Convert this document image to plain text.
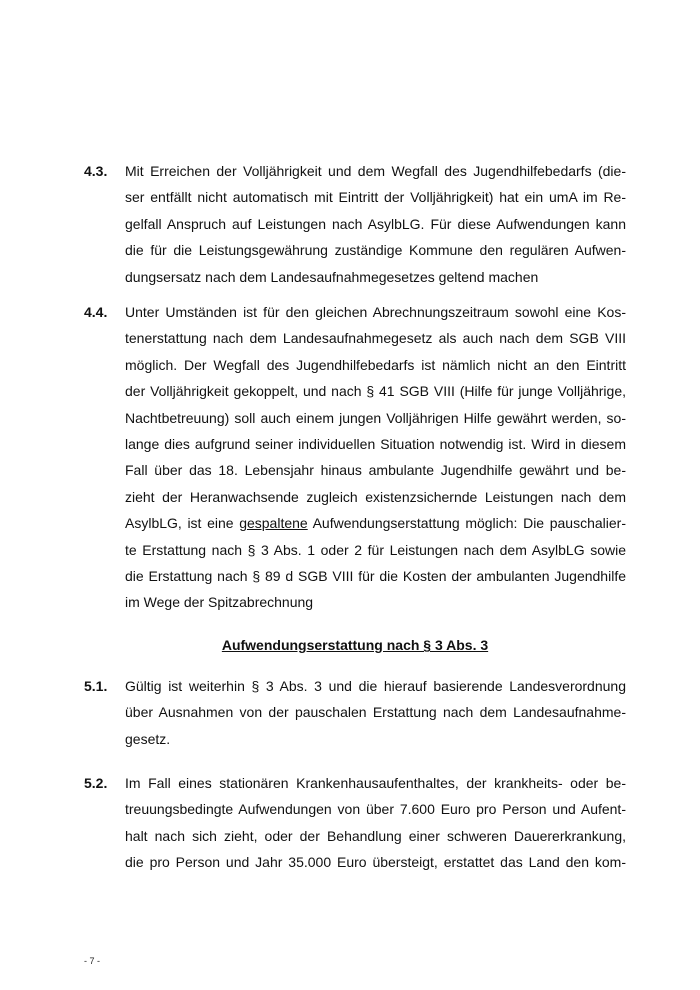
4.3. Mit Erreichen der Volljährigkeit und dem Wegfall des Jugendhilfebedarfs (die-
ser entfällt nicht automatisch mit Eintritt der Volljährigkeit) hat ein umA im Re-
gelfall Anspruch auf Leistungen nach AsylbLG. Für diese Aufwendungen kann
die für die Leistungsgewährung zuständige Kommune den regulären Aufwen-
dungsersatz nach dem Landesaufnahmegesetzes geltend machen
4.4. Unter Umständen ist für den gleichen Abrechnungszeitraum sowohl eine Kos-
tenerstattung nach dem Landesaufnahmegesetz als auch nach dem SGB VIII
möglich. Der Wegfall des Jugendhilfebedarfs ist nämlich nicht an den Eintritt
der Volljährigkeit gekoppelt, und nach § 41 SGB VIII (Hilfe für junge Volljährige,
Nachtbetreuung) soll auch einem jungen Volljährigen Hilfe gewährt werden, so-
lange dies aufgrund seiner individuellen Situation notwendig ist. Wird in diesem
Fall über das 18. Lebensjahr hinaus ambulante Jugendhilfe gewährt und be-
zieht der Heranwachsende zugleich existenzsichernde Leistungen nach dem
AsylbLG, ist eine gespaltene Aufwendungserstattung möglich: Die pauschalier-
te Erstattung nach § 3 Abs. 1 oder 2 für Leistungen nach dem AsylbLG sowie
die Erstattung nach § 89 d SGB VIII für die Kosten der ambulanten Jugendhilfe
im Wege der Spitzabrechnung
Aufwendungserstattung nach § 3 Abs. 3
5.1. Gültig ist weiterhin § 3 Abs. 3 und die hierauf basierende Landesverordnung
über Ausnahmen von der pauschalen Erstattung nach dem Landesaufnahme-
gesetz.
5.2. Im Fall eines stationären Krankenhausaufenthaltes, der krankheits- oder be-
treuungsbedingte Aufwendungen von über 7.600 Euro pro Person und Aufent-
halt nach sich zieht, oder der Behandlung einer schweren Dauererkrankung,
die pro Person und Jahr 35.000 Euro übersteigt, erstattet das Land den kom-
- 7 -
